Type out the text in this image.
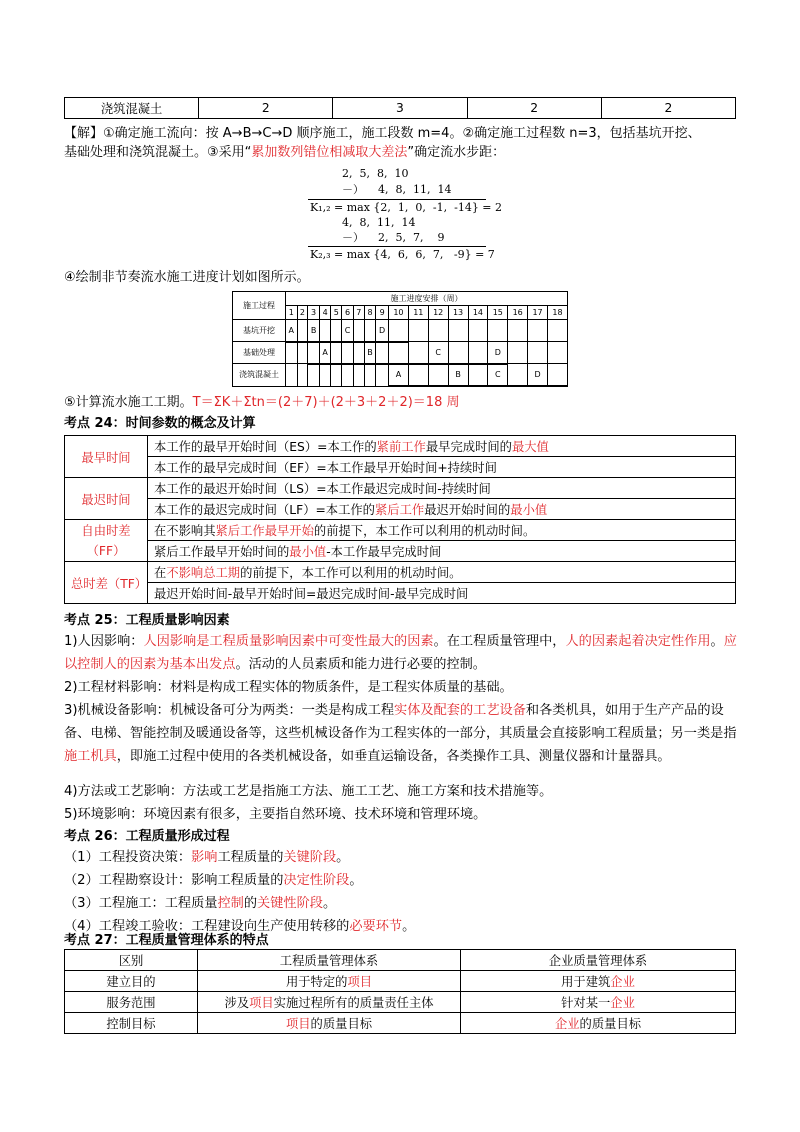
浇筑混凝土	2	3	2	2
【解】①确定施工流向：按 A→B→C→D 顺序施工，施工段数 m=4。②确定施工过程数 n=3，包括基坑开挖、
基础处理和浇筑混凝土。③采用“累加数列错位相减取大差法”确定流水步距：
2,  5,  8,  10
－）    4,  8,  11,  14
K₁,₂ = max {2,  1,  0,  -1,  -14} = 2
4,  8,  11,  14
－）    2,  5,  7,    9
K₂,₃ = max {4,  6,  6,  7,   -9} = 7
④绘制非节奏流水施工进度计划如图所示。
施工过程	施工进度安排（周）																	
	1	2	3	4	5	6	7	8	9	10	11	12	13	14	15	16	17	18
基坑开挖	A		B			C			D									
基础处理				A				B				C			D			
浇筑混凝土										A			B		C		D	
⑤计算流水施工工期。T＝ΣK＋Σtn＝(2＋7)＋(2＋3＋2＋2)＝18 周
考点 24：时间参数的概念及计算
最早时间	本工作的最早开始时间（ES）=本工作的紧前工作最早完成时间的最大值
	本工作的最早完成时间（EF）=本工作最早开始时间+持续时间
最迟时间	本工作的最迟开始时间（LS）=本工作最迟完成时间-持续时间
	本工作的最迟完成时间（LF）=本工作的紧后工作最迟开始时间的最小值
自由时差（FF）	在不影响其紧后工作最早开始的前提下，本工作可以利用的机动时间。
	紧后工作最早开始时间的最小值-本工作最早完成时间
总时差（TF）	在不影响总工期的前提下，本工作可以利用的机动时间。
	最迟开始时间-最早开始时间=最迟完成时间-最早完成时间
考点 25：工程质量影响因素
1)人因影响：人因影响是工程质量影响因素中可变性最大的因素。在工程质量管理中，人的因素起着决定性作用。应以控制人的因素为基本出发点。活动的人员素质和能力进行必要的控制。
2)工程材料影响：材料是构成工程实体的物质条件，是工程实体质量的基础。
3)机械设备影响：机械设备可分为两类：一类是构成工程实体及配套的工艺设备和各类机具，如用于生产产品的设备、电梯、智能控制及暖通设备等，这些机械设备作为工程实体的一部分，其质量会直接影响工程质量；另一类是指施工机具，即施工过程中使用的各类机械设备，如垂直运输设备，各类操作工具、测量仪器和计量器具。
4)方法或工艺影响：方法或工艺是指施工方法、施工工艺、施工方案和技术措施等。
5)环境影响：环境因素有很多，主要指自然环境、技术环境和管理环境。
考点 26：工程质量形成过程
（1）工程投资决策：影响工程质量的关键阶段。
（2）工程勘察设计：影响工程质量的决定性阶段。
（3）工程施工：工程质量控制的关键性阶段。
（4）工程竣工验收：工程建设向生产使用转移的必要环节。
考点 27：工程质量管理体系的特点
区别	工程质量管理体系	企业质量管理体系
建立目的	用于特定的项目	用于建筑企业
服务范围	涉及项目实施过程所有的质量责任主体	针对某一企业
控制目标	项目的质量目标	企业的质量目标
